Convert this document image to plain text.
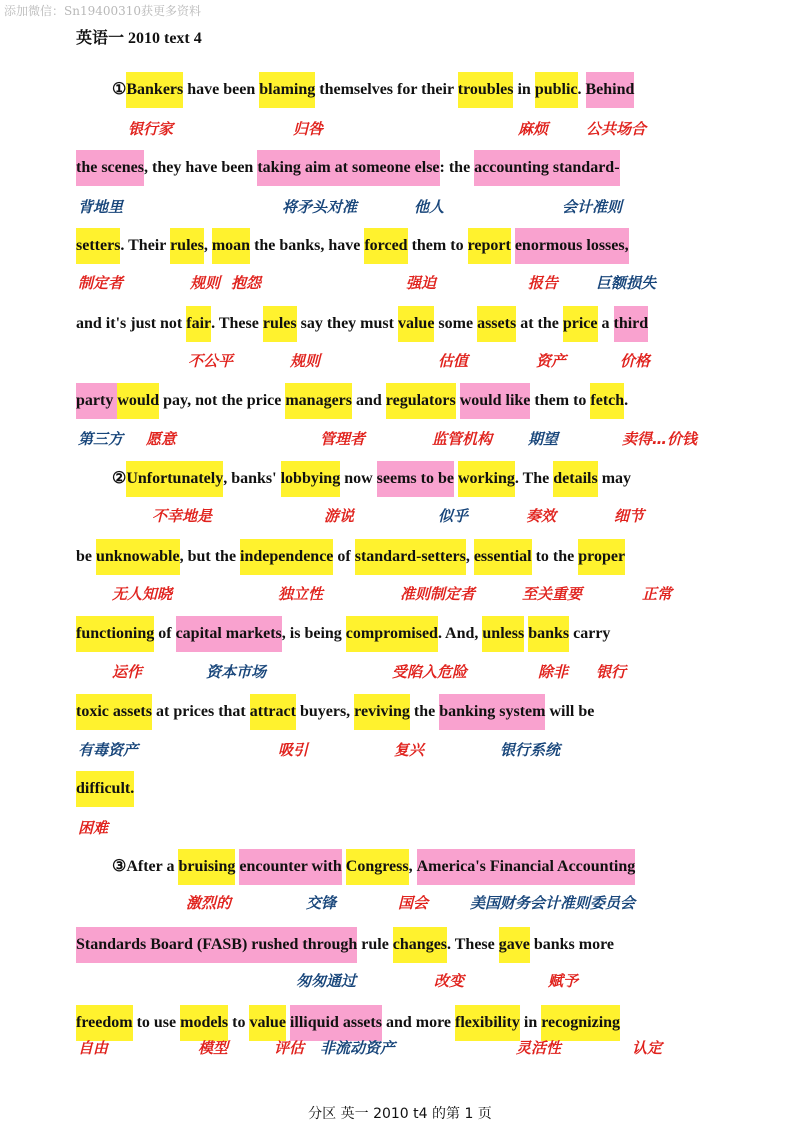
添加微信：Sn19400310获更多资料
英语一 2010 text 4
①Bankers have been blaming themselves for their troubles in public. Behind
the scenes, they have been taking aim at someone else: the accounting standard-
setters. Their rules, moan the banks, have forced them to report enormous losses,
and it's just not fair. These rules say they must value some assets at the price a third
party would pay, not the price managers and regulators would like them to fetch.
②Unfortunately, banks' lobbying now seems to be working. The details may
be unknowable, but the independence of standard-setters, essential to the proper
functioning of capital markets, is being compromised. And, unless banks carry
toxic assets at prices that attract buyers, reviving the banking system will be
difficult.
③After a bruising encounter with Congress, America's Financial Accounting
Standards Board (FASB) rushed through rule changes. These gave banks more
freedom to use models to value illiquid assets and more flexibility in recognizing
银行家	归咎	麻烦	公共场合
背地里	将矛头对准	他人	会计准则
制定者	规则 抱怨	强迫	报告	巨额损失
不公平	规则	估值	资产	价格
第三方 愿意	管理者	监管机构 期望	卖得…价钱
不幸地是	游说	似乎	奏效	细节
无人知晓	独立性	准则制定者	至关重要	正常
运作	资本市场	受陷入危险	除非 银行
有毒资产	吸引	复兴	银行系统
困难
激烈的	交锋	国会	美国财务会计准则委员会
匆匆通过	改变	赋予
自由	模型	评估 非流动资产	灵活性	认定
分区 英一 2010 t4 的第 1 页
